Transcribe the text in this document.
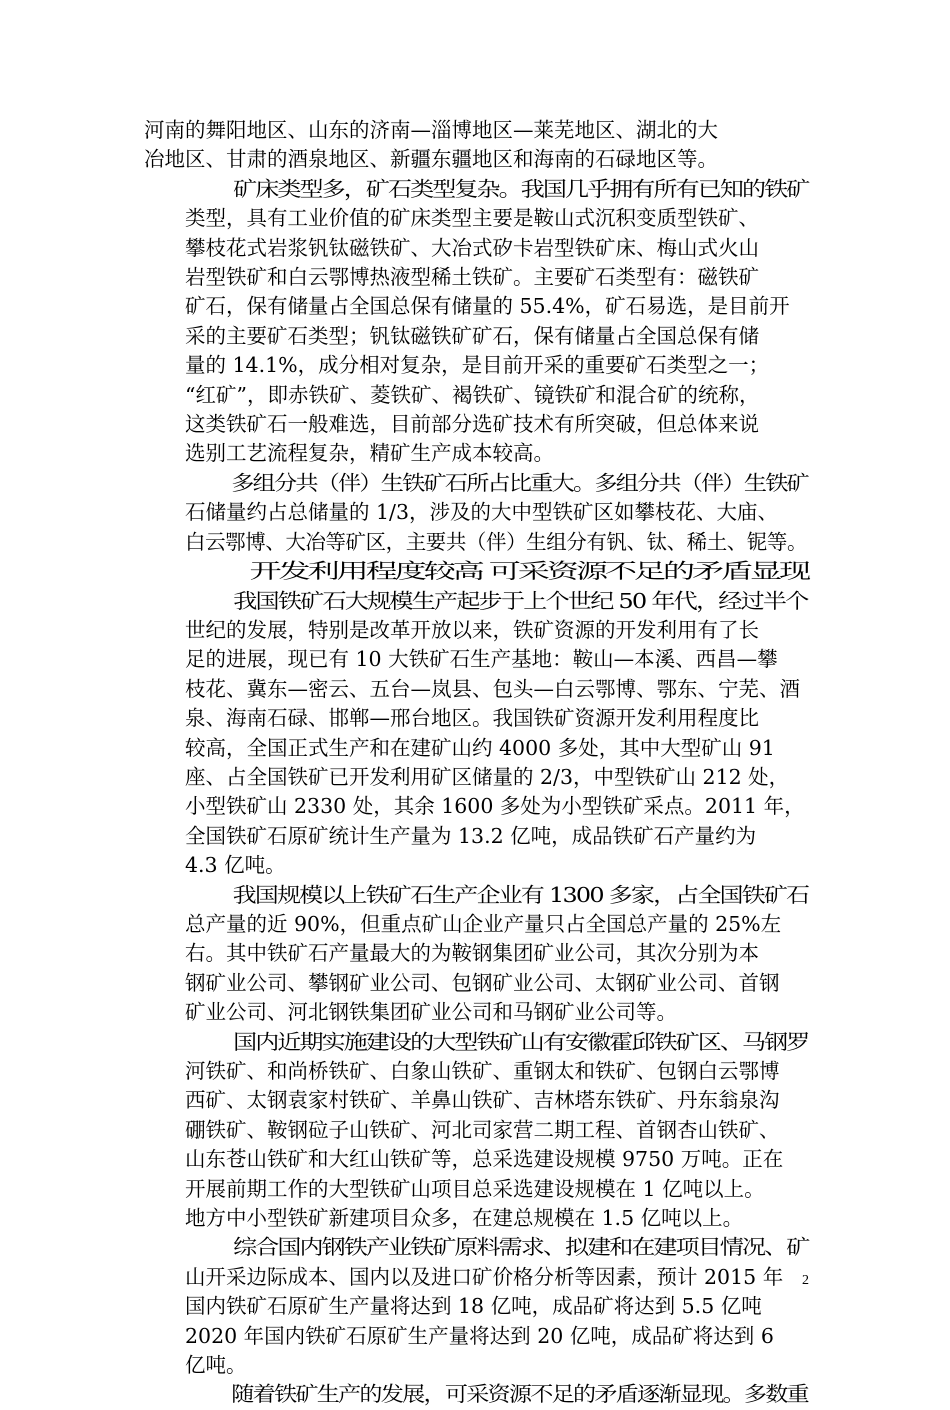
河南的舞阳地区、山东的济南—淄博地区—莱芜地区、湖北的大
冶地区、甘肃的酒泉地区、新疆东疆地区和海南的石碌地区等。

矿床类型多，矿石类型复杂。我国几乎拥有所有已知的铁矿
类型，具有工业价值的矿床类型主要是鞍山式沉积变质型铁矿、
攀枝花式岩浆钒钛磁铁矿、大冶式矽卡岩型铁矿床、梅山式火山
岩型铁矿和白云鄂博热液型稀土铁矿。主要矿石类型有：磁铁矿
矿石，保有储量占全国总保有储量的 55.4%，矿石易选，是目前开
采的主要矿石类型；钒钛磁铁矿矿石，保有储量占全国总保有储
量的 14.1%，成分相对复杂，是目前开采的重要矿石类型之一；
“红矿”，即赤铁矿、菱铁矿、褐铁矿、镜铁矿和混合矿的统称，
这类铁矿石一般难选，目前部分选矿技术有所突破，但总体来说
选别工艺流程复杂，精矿生产成本较高。

多组分共（伴）生铁矿石所占比重大。多组分共（伴）生铁矿
石储量约占总储量的 1/3，涉及的大中型铁矿区如攀枝花、大庙、
白云鄂博、大冶等矿区，主要共（伴）生组分有钒、钛、稀土、铌等。

开发利用程度较高 可采资源不足的矛盾显现

我国铁矿石大规模生产起步于上个世纪 50 年代，经过半个
世纪的发展，特别是改革开放以来，铁矿资源的开发利用有了长
足的进展，现已有 10 大铁矿石生产基地：鞍山—本溪、西昌—攀
枝花、冀东—密云、五台—岚县、包头—白云鄂博、鄂东、宁芜、酒
泉、海南石碌、邯郸—邢台地区。我国铁矿资源开发利用程度比
较高，全国正式生产和在建矿山约 4000 多处，其中大型矿山 91
座、占全国铁矿已开发利用矿区储量的 2/3，中型铁矿山 212 处，
小型铁矿山 2330 处，其余 1600 多处为小型铁矿采点。2011 年，
全国铁矿石原矿统计生产量为 13.2 亿吨，成品铁矿石产量约为
4.3 亿吨。

我国规模以上铁矿石生产企业有 1300 多家，占全国铁矿石
总产量的近 90%，但重点矿山企业产量只占全国总产量的 25%左
右。其中铁矿石产量最大的为鞍钢集团矿业公司，其次分别为本
钢矿业公司、攀钢矿业公司、包钢矿业公司、太钢矿业公司、首钢
矿业公司、河北钢铁集团矿业公司和马钢矿业公司等。

国内近期实施建设的大型铁矿山有安徽霍邱铁矿区、马钢罗
河铁矿、和尚桥铁矿、白象山铁矿、重钢太和铁矿、包钢白云鄂博
西矿、太钢袁家村铁矿、羊鼻山铁矿、吉林塔东铁矿、丹东翁泉沟
硼铁矿、鞍钢砬子山铁矿、河北司家营二期工程、首钢杏山铁矿、
山东苍山铁矿和大红山铁矿等，总采选建设规模 9750 万吨。正在
开展前期工作的大型铁矿山项目总采选建设规模在 1 亿吨以上。
地方中小型铁矿新建项目众多，在建总规模在 1.5 亿吨以上。

综合国内钢铁产业铁矿原料需求、拟建和在建项目情况、矿
山开采边际成本、国内以及进口矿价格分析等因素，预计 2015 年
国内铁矿石原矿生产量将达到 18 亿吨，成品矿将达到 5.5 亿吨
2020 年国内铁矿石原矿生产量将达到 20 亿吨，成品矿将达到 6
亿吨。

随着铁矿生产的发展，可采资源不足的矛盾逐渐显现。多数重

2
